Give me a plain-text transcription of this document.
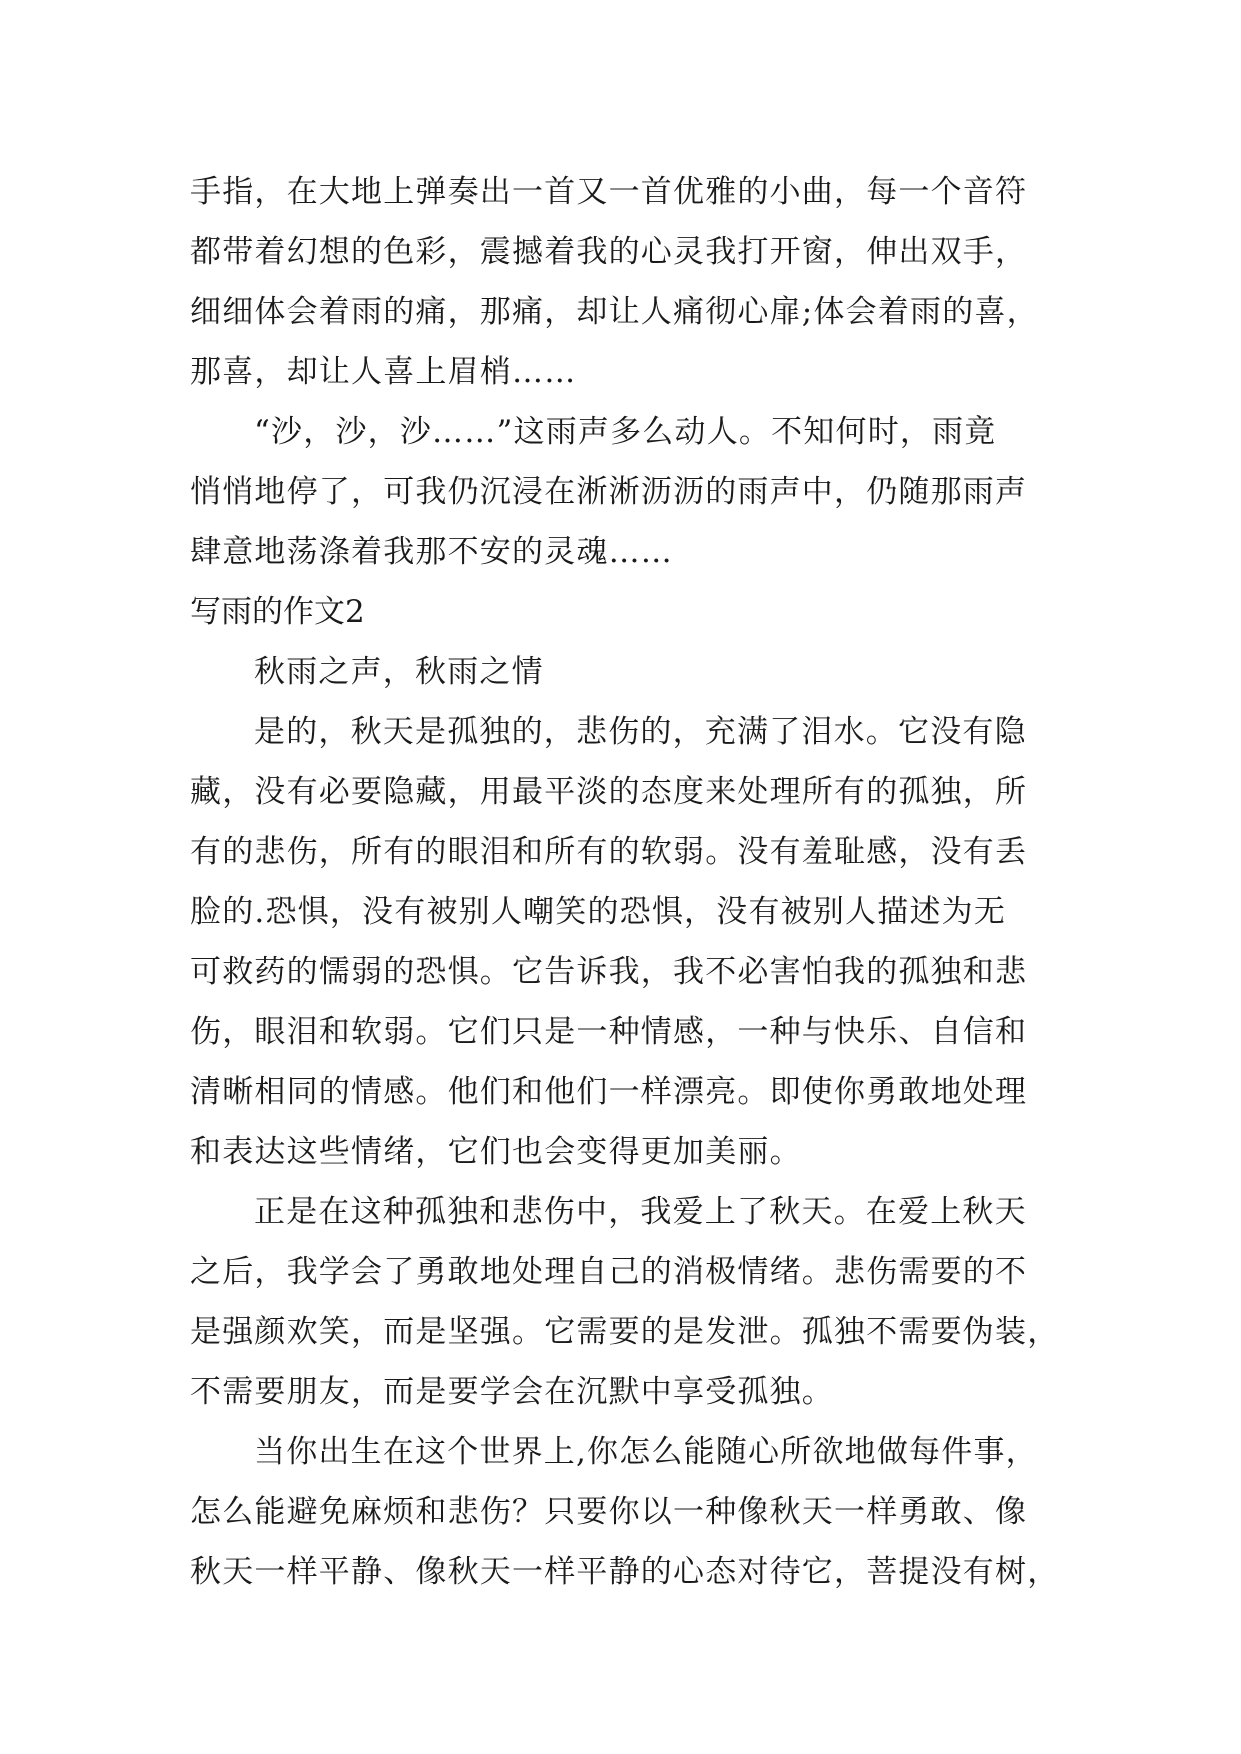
手指，在大地上弹奏出一首又一首优雅的小曲，每一个音符
都带着幻想的色彩，震撼着我的心灵我打开窗，伸出双手，
细细体会着雨的痛，那痛，却让人痛彻心扉;体会着雨的喜，
那喜，却让人喜上眉梢……
“沙，沙，沙……”这雨声多么动人。不知何时，雨竟
悄悄地停了，可我仍沉浸在淅淅沥沥的雨声中，仍随那雨声
肆意地荡涤着我那不安的灵魂……
写雨的作文2
秋雨之声，秋雨之情
是的，秋天是孤独的，悲伤的，充满了泪水。它没有隐
藏，没有必要隐藏，用最平淡的态度来处理所有的孤独，所
有的悲伤，所有的眼泪和所有的软弱。没有羞耻感，没有丢
脸的.恐惧，没有被别人嘲笑的恐惧，没有被别人描述为无
可救药的懦弱的恐惧。它告诉我，我不必害怕我的孤独和悲
伤，眼泪和软弱。它们只是一种情感，一种与快乐、自信和
清晰相同的情感。他们和他们一样漂亮。即使你勇敢地处理
和表达这些情绪，它们也会变得更加美丽。
正是在这种孤独和悲伤中，我爱上了秋天。在爱上秋天
之后，我学会了勇敢地处理自己的消极情绪。悲伤需要的不
是强颜欢笑，而是坚强。它需要的是发泄。孤独不需要伪装，
不需要朋友，而是要学会在沉默中享受孤独。
当你出生在这个世界上,你怎么能随心所欲地做每件事，
怎么能避免麻烦和悲伤？只要你以一种像秋天一样勇敢、像
秋天一样平静、像秋天一样平静的心态对待它，菩提没有树，
